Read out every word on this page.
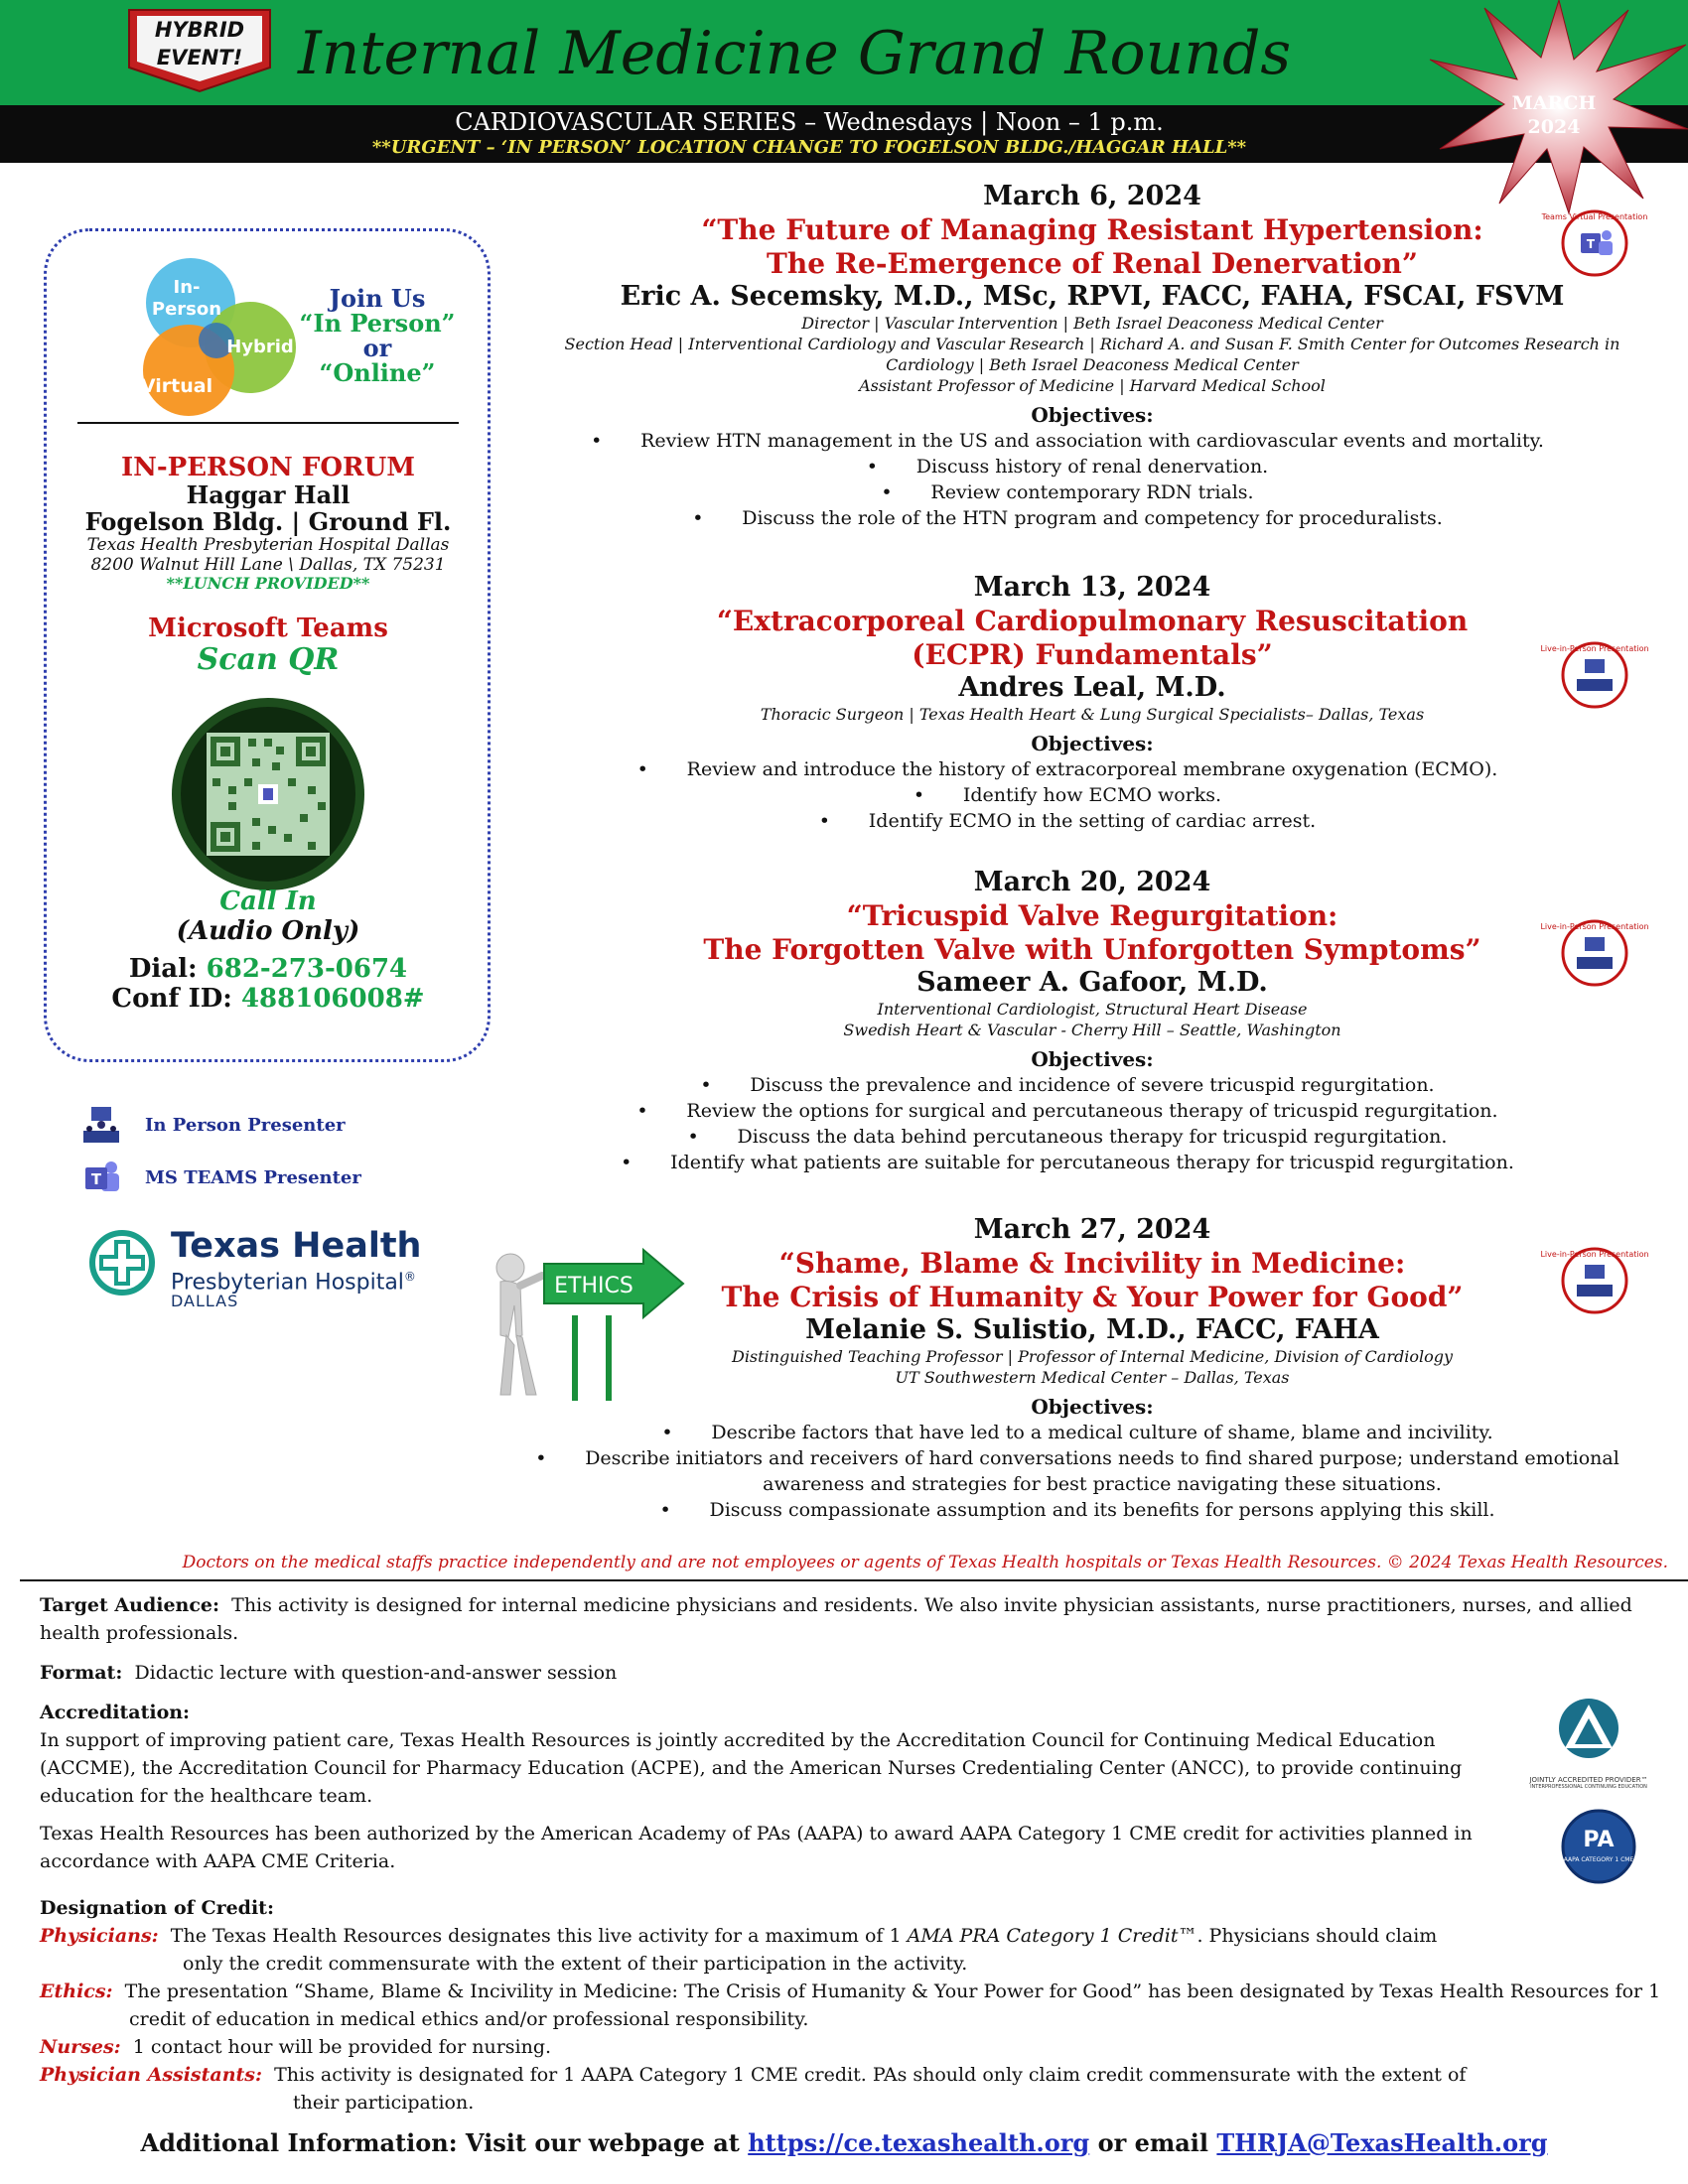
HYBRID
EVENT! Internal Medicine Grand Rounds
CARDIOVASCULAR SERIES – Wednesdays | Noon – 1 p.m.
**URGENT – ‘IN PERSON’ LOCATION CHANGE TO FOGELSON BLDG./HAGGAR HALL**
MARCH
2024
In-
Person
Hybrid
Virtual
Join Us
“In Person”
or
“Online”
IN-PERSON FORUM
Haggar Hall
Fogelson Bldg. | Ground Fl.
Texas Health Presbyterian Hospital Dallas
8200 Walnut Hill Lane \ Dallas, TX 75231
**LUNCH PROVIDED**
Microsoft Teams
Scan QR
Call In
(Audio Only)
Dial: 682-273-0674
Conf ID: 488106008#
In Person Presenter
T MS TEAMS Presenter
Texas Health
Presbyterian Hospital®
DALLAS
ETHICS
March 6, 2024
“The Future of Managing Resistant Hypertension:
The Re-Emergence of Renal Denervation”
Eric A. Secemsky, M.D., MSc, RPVI, FACC, FAHA, FSCAI, FSVM
Director | Vascular Intervention | Beth Israel Deaconess Medical Center
Section Head | Interventional Cardiology and Vascular Research | Richard A. and Susan F. Smith Center for Outcomes Research in
Cardiology | Beth Israel Deaconess Medical Center
Assistant Professor of Medicine | Harvard Medical School
Objectives:
• Review HTN management in the US and association with cardiovascular events and mortality.
• Discuss history of renal denervation.
• Review contemporary RDN trials.
• Discuss the role of the HTN program and competency for proceduralists.
March 13, 2024
“Extracorporeal Cardiopulmonary Resuscitation
(ECPR) Fundamentals”
Andres Leal, M.D.
Thoracic Surgeon | Texas Health Heart & Lung Surgical Specialists– Dallas, Texas
Objectives:
• Review and introduce the history of extracorporeal membrane oxygenation (ECMO).
• Identify how ECMO works.
• Identify ECMO in the setting of cardiac arrest.
March 20, 2024
“Tricuspid Valve Regurgitation:
The Forgotten Valve with Unforgotten Symptoms”
Sameer A. Gafoor, M.D.
Interventional Cardiologist, Structural Heart Disease
Swedish Heart & Vascular - Cherry Hill – Seattle, Washington
Objectives:
• Discuss the prevalence and incidence of severe tricuspid regurgitation.
• Review the options for surgical and percutaneous therapy of tricuspid regurgitation.
• Discuss the data behind percutaneous therapy for tricuspid regurgitation.
• Identify what patients are suitable for percutaneous therapy for tricuspid regurgitation.
March 27, 2024
“Shame, Blame & Incivility in Medicine:
The Crisis of Humanity & Your Power for Good”
Melanie S. Sulistio, M.D., FACC, FAHA
Distinguished Teaching Professor | Professor of Internal Medicine, Division of Cardiology
UT Southwestern Medical Center – Dallas, Texas
Objectives:
• Describe factors that have led to a medical culture of shame, blame and incivility.
• Describe initiators and receivers of hard conversations needs to find shared purpose; understand emotional awareness and strategies for best practice navigating these situations.
• Discuss compassionate assumption and its benefits for persons applying this skill.
T
Teams Virtual Presentation
Live-in-Person Presentation
Live-in-Person Presentation
Live-in-Person Presentation
Doctors on the medical staffs practice independently and are not employees or agents of Texas Health hospitals or Texas Health Resources. © 2024 Texas Health Resources.
Target Audience: This activity is designed for internal medicine physicians and residents. We also invite physician assistants, nurse practitioners, nurses, and allied health professionals.
Format: Didactic lecture with question-and-answer session
Accreditation:
In support of improving patient care, Texas Health Resources is jointly accredited by the Accreditation Council for Continuing Medical Education (ACCME), the Accreditation Council for Pharmacy Education (ACPE), and the American Nurses Credentialing Center (ANCC), to provide continuing education for the healthcare team.
Texas Health Resources has been authorized by the American Academy of PAs (AAPA) to award AAPA Category 1 CME credit for activities planned in accordance with AAPA CME Criteria.
JOINTLY ACCREDITED PROVIDER™
INTERPROFESSIONAL CONTINUING EDUCATION
PA
AAPA CATEGORY 1 CME
Designation of Credit:
Physicians: The Texas Health Resources designates this live activity for a maximum of 1 AMA PRA Category 1 Credit™. Physicians should claim
only the credit commensurate with the extent of their participation in the activity.
Ethics: The presentation “Shame, Blame & Incivility in Medicine: The Crisis of Humanity & Your Power for Good” has been designated by Texas Health Resources for 1
credit of education in medical ethics and/or professional responsibility.
Nurses: 1 contact hour will be provided for nursing.
Physician Assistants: This activity is designated for 1 AAPA Category 1 CME credit. PAs should only claim credit commensurate with the extent of
their participation.
Additional Information: Visit our webpage at https://ce.texashealth.org or email THRJA@TexasHealth.org
